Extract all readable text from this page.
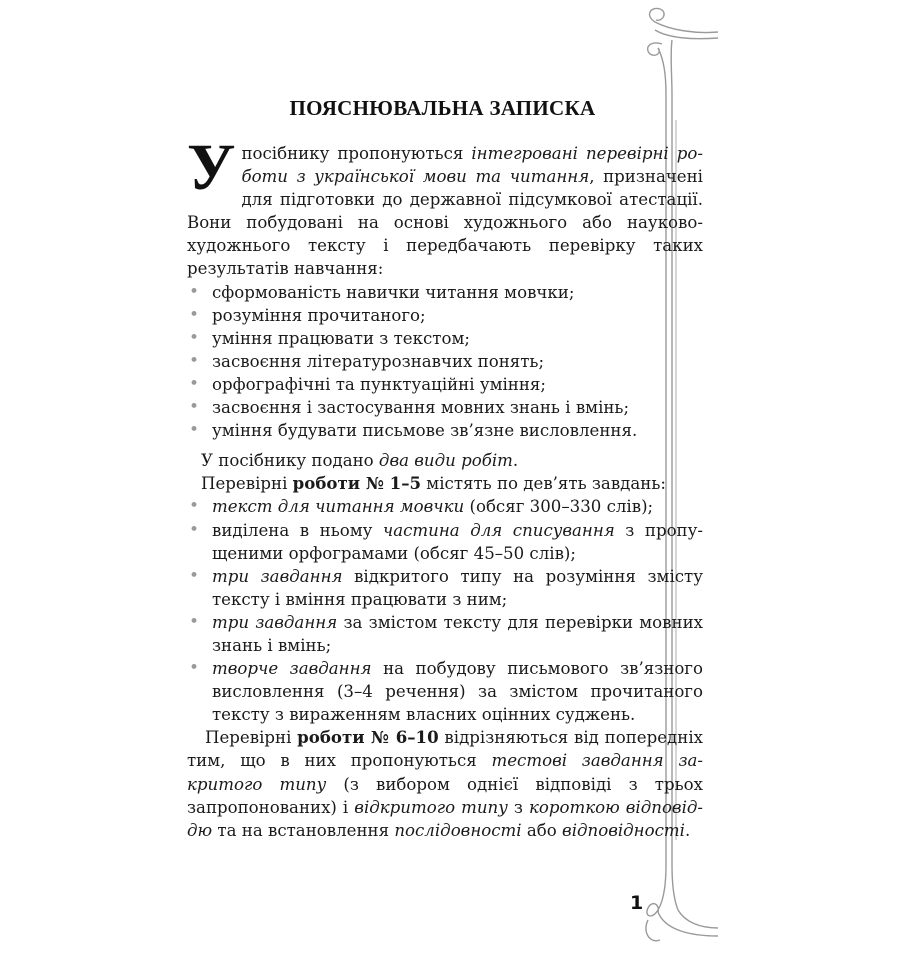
ПОЯСНЮВАЛЬНА ЗАПИСКА

У посібнику пропонуються інтегровані перевірні роботи з української мови та читання, призначені для підготовки до державної підсумкової атестації. Вони побудовані на основі художнього або науково-художнього тексту і передбачають перевірку таких результатів навчання:

• сформованість навички читання мовчки;
• розуміння прочитаного;
• уміння працювати з текстом;
• засвоєння літературознавчих понять;
• орфографічні та пунктуаційні уміння;
• засвоєння і застосування мовних знань і вмінь;
• уміння будувати письмове зв’язне висловлення.

У посібнику подано два види робіт.

Перевірні роботи № 1–5 містять по дев’ять завдань:

• текст для читання мовчки (обсяг 300–330 слів);
• виділена в ньому частина для списування з пропущеними орфограмами (обсяг 45–50 слів);
• три завдання відкритого типу на розуміння змісту тексту і вміння працювати з ним;
• три завдання за змістом тексту для перевірки мовних знань і вмінь;
• творче завдання на побудову письмового зв’язного висловлення (3–4 речення) за змістом прочитаного тексту з вираженням власних оцінних суджень.

Перевірні роботи № 6–10 відрізняються від попередніх тим, що в них пропонуються тестові завдання закритого типу (з вибором однієї відповіді з трьох запропонованих) і відкритого типу з короткою відповіддю та на встановлення послідовності або відповідності.

1
